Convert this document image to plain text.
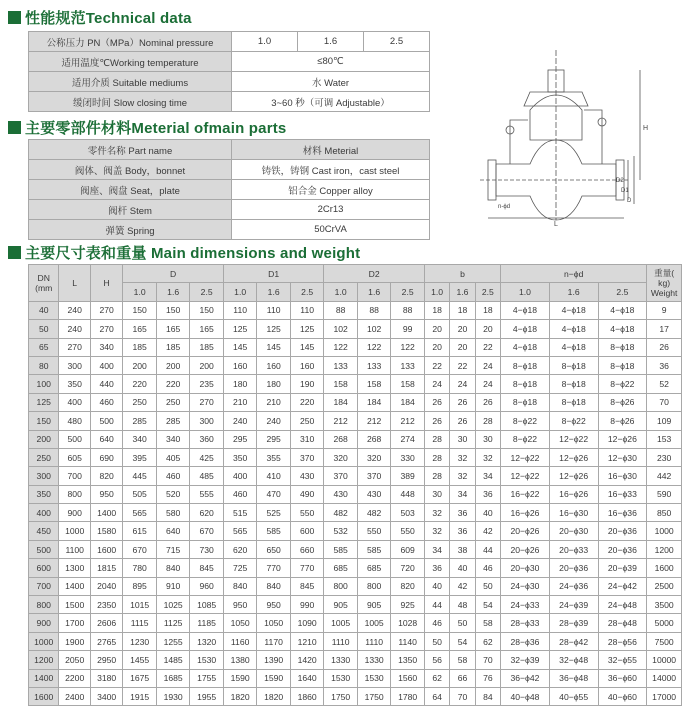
性能规范Technical data
公称压力 PN（MPa）Nominal pressure	1.0	1.6	2.5
适用温度℃Working temperature	≤80℃		
适用介质 Suitable mediums	水 Water		
缓闭时间 Slow closing time	3~60 秒（可调 Adjustable）		
主要零部件材料Meterial ofmain parts
零件名称 Part name	材料 Meterial
阀体、阀盖 Body，bonnet	铸铁，铸钢 Cast iron，cast steel
阀座、阀盘 Seat，plate	铝合金 Copper alloy
阀杆 Stem	2Cr13
弹簧 Spring	50CrVA
H
D2
D1
D
n-ϕd
L
主要尺寸表和重量 Main dimensions and weight
DN
(mm	L	H	D			D1			D2			b			n−ϕd			重量( kg)
Weight
			1.0	1.6	2.5	1.0	1.6	2.5	1.0	1.6	2.5	1.0	1.6	2.5	1.0	1.6	2.5	
40	240	270	150	150	150	110	110	110	88	88	88	18	18	18	4−ϕ18	4−ϕ18	4−ϕ18	9
50	240	270	165	165	165	125	125	125	102	102	99	20	20	20	4−ϕ18	4−ϕ18	4−ϕ18	17
65	270	340	185	185	185	145	145	145	122	122	122	20	20	22	4−ϕ18	4−ϕ18	8−ϕ18	26
80	300	400	200	200	200	160	160	160	133	133	133	22	22	24	8−ϕ18	8−ϕ18	8−ϕ18	36
100	350	440	220	220	235	180	180	190	158	158	158	24	24	24	8−ϕ18	8−ϕ18	8−ϕ22	52
125	400	460	250	250	270	210	210	220	184	184	184	26	26	26	8−ϕ18	8−ϕ18	8−ϕ26	70
150	480	500	285	285	300	240	240	250	212	212	212	26	26	28	8−ϕ22	8−ϕ22	8−ϕ26	109
200	500	640	340	340	360	295	295	310	268	268	274	28	30	30	8−ϕ22	12−ϕ22	12−ϕ26	153
250	605	690	395	405	425	350	355	370	320	320	330	28	32	32	12−ϕ22	12−ϕ26	12−ϕ30	230
300	700	820	445	460	485	400	410	430	370	370	389	28	32	34	12−ϕ22	12−ϕ26	16−ϕ30	442
350	800	950	505	520	555	460	470	490	430	430	448	30	34	36	16−ϕ22	16−ϕ26	16−ϕ33	590
400	900	1400	565	580	620	515	525	550	482	482	503	32	36	40	16−ϕ26	16−ϕ30	16−ϕ36	850
450	1000	1580	615	640	670	565	585	600	532	550	550	32	36	42	20−ϕ26	20−ϕ30	20−ϕ36	1000
500	1100	1600	670	715	730	620	650	660	585	585	609	34	38	44	20−ϕ26	20−ϕ33	20−ϕ36	1200
600	1300	1815	780	840	845	725	770	770	685	685	720	36	40	46	20−ϕ30	20−ϕ36	20−ϕ39	1600
700	1400	2040	895	910	960	840	840	845	800	800	820	40	42	50	24−ϕ30	24−ϕ36	24−ϕ42	2500
800	1500	2350	1015	1025	1085	950	950	990	905	905	925	44	48	54	24−ϕ33	24−ϕ39	24−ϕ48	3500
900	1700	2606	1115	1125	1185	1050	1050	1090	1005	1005	1028	46	50	58	28−ϕ33	28−ϕ39	28−ϕ48	5000
1000	1900	2765	1230	1255	1320	1160	1170	1210	1110	1110	1140	50	54	62	28−ϕ36	28−ϕ42	28−ϕ56	7500
1200	2050	2950	1455	1485	1530	1380	1390	1420	1330	1330	1350	56	58	70	32−ϕ39	32−ϕ48	32−ϕ55	10000
1400	2200	3180	1675	1685	1755	1590	1590	1640	1530	1530	1560	62	66	76	36−ϕ42	36−ϕ48	36−ϕ60	14000
1600	2400	3400	1915	1930	1955	1820	1820	1860	1750	1750	1780	64	70	84	40−ϕ48	40−ϕ55	40−ϕ60	17000
